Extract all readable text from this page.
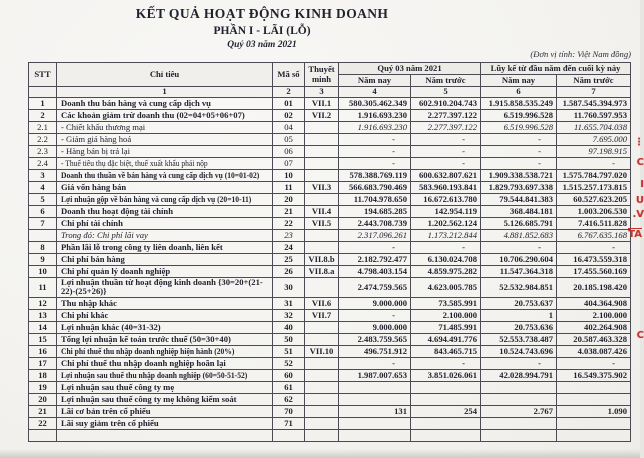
KẾT QUẢ HOẠT ĐỘNG KINH DOANH
PHẦN I - LÃI (LỖ)
Quý 03 năm 2021
(Đơn vị tính: Việt Nam đồng)
STT	Chỉ tiêu	Mã số	Thuyết minh	Quý 03 năm 2021		Lũy kế từ đầu năm đến cuối kỳ này	
				Năm nay	Năm trước	Năm nay	Năm trước
	1	2	3	4	5	6	7
1	Doanh thu bán hàng và cung cấp dịch vụ	01	VII.1	580.305.462.349	602.910.204.743	1.915.858.535.249	1.587.545.394.973
2	Các khoản giảm trừ doanh thu (02=04+05+06+07)	02	VII.2	1.916.693.230	2.277.397.122	6.519.996.528	11.760.597.953
2.1	- Chiết khấu thương mại	04		1.916.693.230	2.277.397.122	6.519.996.528	11.655.704.038
2.2	- Giảm giá hàng hoá	05		-	-	-	7.695.000
2.3	- Hàng bán bị trả lại	06		-	-	-	97.198.915
2.4	- Thuế tiêu thụ đặc biệt, thuế xuất khẩu phải nộp	07		-	-	-	-
3	Doanh thu thuần về bán hàng và cung cấp dịch vụ (10=01-02)	10		578.388.769.119	600.632.807.621	1.909.338.538.721	1.575.784.797.020
4	Giá vốn hàng bán	11	VII.3	566.683.790.469	583.960.193.841	1.829.793.697.338	1.515.257.173.815
5	Lợi nhuận gộp về bán hàng và cung cấp dịch vụ (20=10-11)	20		11.704.978.650	16.672.613.780	79.544.841.383	60.527.623.205
6	Doanh thu hoạt động tài chính	21	VII.4	194.685.285	142.954.119	368.484.181	1.003.206.530
7	Chi phí tài chính	22	VII.5	2.443.708.739	1.202.562.124	5.126.685.791	7.416.511.828
	Trong đó: Chi phí lãi vay	23		2.317.096.261	1.173.212.844	4.881.852.683	6.767.635.168
8	Phần lãi lỗ trong công ty liên doanh, liên kết	24		-	-	-	-
9	Chi phí bán hàng	25	VII.8.b	2.182.792.477	6.130.024.708	10.706.290.604	16.473.559.318
10	Chi phí quản lý doanh nghiệp	26	VII.8.a	4.798.403.154	4.859.975.282	11.547.364.318	17.455.560.169
11	Lợi nhuận thuần từ hoạt động kinh doanh {30=20+(21-22)-(25+26)}	30		2.474.759.565	4.623.005.785	52.532.984.851	20.185.198.420
12	Thu nhập khác	31	VII.6	9.000.000	73.585.991	20.753.637	404.364.908
13	Chi phí khác	32	VII.7	-	2.100.000	1	2.100.000
14	Lợi nhuận khác (40=31-32)	40		9.000.000	71.485.991	20.753.636	402.264.908
15	Tổng lợi nhuận kế toán trước thuế (50=30+40)	50		2.483.759.565	4.694.491.776	52.553.738.487	20.587.463.328
16	Chi phí thuế thu nhập doanh nghiệp hiện hành (20%)	51	VII.10	496.751.912	843.465.715	10.524.743.696	4.038.087.426
17	Chi phí thuế thu nhập doanh nghiệp hoãn lại	52		-	-	-	-
18	Lợi nhuận sau thuế thu nhập doanh nghiệp (60=50-51-52)	60		1.987.007.653	3.851.026.061	42.028.994.791	16.549.375.902
19	Lợi nhuận sau thuế công ty mẹ	61					
20	Lợi nhuận sau thuế công ty mẹ không kiểm soát	62					
21	Lãi cơ bản trên cổ phiếu	70		131	254	2.767	1.090
22	Lãi suy giảm trên cổ phiếu	71					

⋮
C
I
U
.V
TA
C
